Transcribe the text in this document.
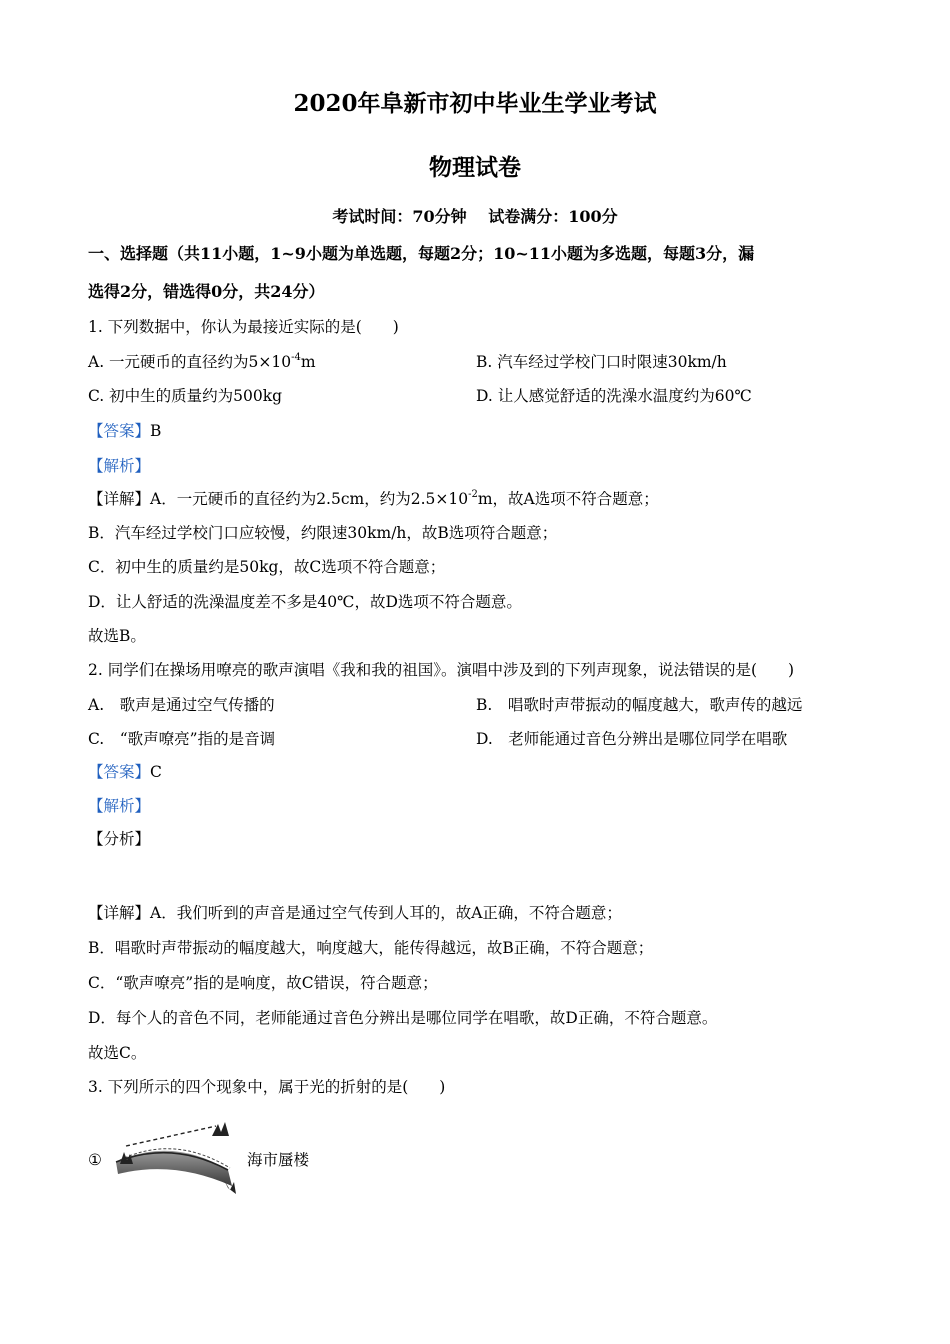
2020年阜新市初中毕业生学业考试
物理试卷
考试时间：70分钟　 试卷满分：100分
一、选择题（共11小题，1~9小题为单选题，每题2分；10~11小题为多选题，每题3分，漏
选得2分，错选得0分，共24分）
1. 下列数据中，你认为最接近实际的是(　　)
A. 一元硬币的直径约为$5\times 10^{-4}m$	B. 汽车经过学校门口时限速30km/h
C. 初中生的质量约为500kg	D. 让人感觉舒适的洗澡水温度约为60℃
【答案】B
【解析】
【详解】A．一元硬币的直径约为2.5cm，约为$2.5\times 10^{-2}m$，故A选项不符合题意；
B．汽车经过学校门口应较慢，约限速30km/h，故B选项符合题意；
C．初中生的质量约是50kg，故C选项不符合题意；
D．让人舒适的洗澡温度差不多是40℃，故D选项不符合题意。
故选B。
2. 同学们在操场用嘹亮的歌声演唱《我和我的祖国》。演唱中涉及到的下列声现象，说法错误的是(　　)
A.　歌声是通过空气传播的	B.　唱歌时声带振动的幅度越大，歌声传的越远
C.　“歌声嘹亮”指的是音调	D.　老师能通过音色分辨出是哪位同学在唱歌
【答案】C
【解析】
【分析】
【详解】A．我们听到的声音是通过空气传到人耳的，故A正确，不符合题意；
B．唱歌时声带振动的幅度越大，响度越大，能传得越远，故B正确，不符合题意；
C．“歌声嘹亮”指的是响度，故C错误，符合题意；
D．每个人的音色不同，老师能通过音色分辨出是哪位同学在唱歌，故D正确，不符合题意。
故选C。
3. 下列所示的四个现象中，属于光的折射的是(　　)
①	海市蜃楼
